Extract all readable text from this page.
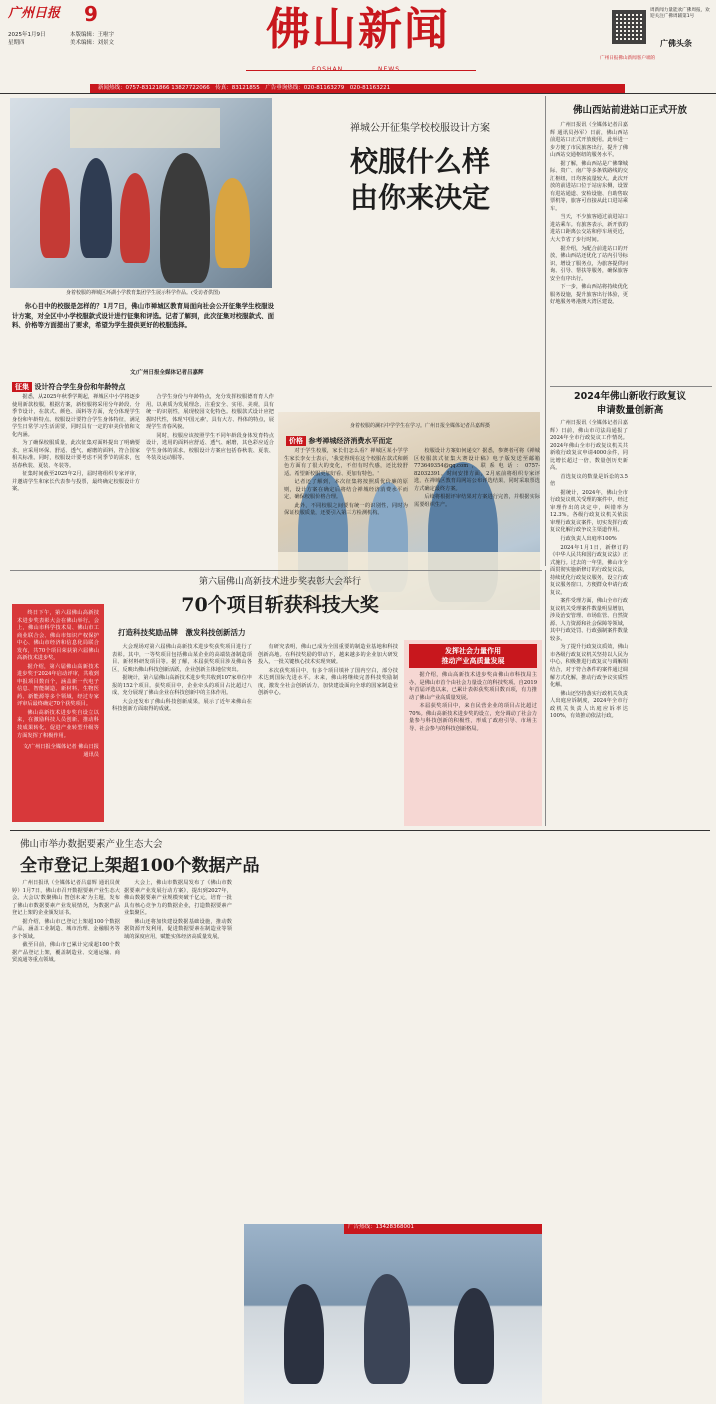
广州日报 9
2025年1月9日
星期四
本版编辑：王啦宇
美术编辑：刘景文	佛山新闻
FOSHAN	NEWS
周新闻力量能欢广佛周报，欢迎关注广佛周辅第1号
广佛头条
广州日报佛山新闻客户端的
新闻热线：0757-83121866 13827722066　传真：83121855　广告垂询热线：020-81163279　020-81163221
身着校服的禅城区环湖小学教育集团学生展示科学作品。(受访者供图)
禅城公开征集学校校服设计方案
校服什么样
由你来决定
你心目中的校服是怎样的？1月7日，佛山市禅城区教育局面向社会公开征集学生校服设计方案，对全区中小学校服款式设计进行征集和评选。记者了解到，此次征集对校服款式、面料、价格等方面提出了要求，希望为学生提供更好的校服选择。
文/广州日报全媒体记者吕嘉辉
征集 设计符合学生身份和年龄特点

据悉，从2025年秋季学期起，禅城区中小学将逐步使用新款校服，根据方案，新校服将采用分年龄段、分季节设计，在款式、颜色、面料等方面，充分体现学生身份和年龄特点。校服设计要符合学生身体特征，满足学生日常学习生活需要，同时具有一定的审美价值和文化内涵。

为了确保校服质量，此次征集对面料提出了明确要求。应采用环保、舒适、透气、耐磨的面料，符合国家相关标准。同时，校服设计要考虑不同季节的需求，包括春秋装、夏装、冬装等。

征集时间截至2025年2月，届时将组织专家评审，并邀请学生和家长代表参与投票，最终确定校服设计方案。

合学生身份与年龄特点，充分发挥校服德育育人作用。以素质为发展理念，注重安全、实用、美观，具有统一的识别性，展现校园文化特色。校服款式设计应把握时代性，体现'中国元素'，具有大方、得体的特点，展现学生青春风貌。

同时，校服应该按照学生不同年龄段身体发育特点设计，选用的面料应舒适、透气、耐磨，其色彩应适合学生身体的需求。校服设计方案应包括春秋装、夏装、冬装及运动服等。

身着校服的澜石中学学生在学习。广州日报全媒体记者吕嘉辉摄
价格 参考禅城经济消费水平而定

对于学生校服，家长们怎么看？禅城区某小学学生家长李女士表示，'我觉得现在这个校服在款式和颜色方面有了很大的变化，不但有时代感，还比较舒适。希望新校服更加好看、更加有特色。'

记者还了解到，本次征集将按照质优价廉的原则，设计方案在确定后将结合禅城经济消费水平而定，确保校服价格合理。

此外，不同校服之间要有统一的识别性，同时为保证校服质量，还要引入第三方检测机构。

校服设计方案如何递交？据悉，参赛者可将《禅城区校服款式征集大赛设计稿》电子版发送至邮箱773649354@qq.com，联系电话：0757-82032391。时间安排方面，2月底前将组织专家评选，在禅城区教育局网站公布评选结果，同时采取票选方式确定最终方案。

后续将根据评审结果对方案进行完善，并根据实际需要组织生产。

佛山西站前进站口正式开放

广州日报讯（全媒体记者吕嘉辉 通讯员孙军）日前，佛山西站前进站口正式开放使用。此举进一步方便了市民旅客出行，提升了佛山西站交通枢纽的服务水平。

据了解，佛山西站是广佛肇城际、贵广、南广等多条铁路线的交汇枢纽，日均客流量较大。此次开放的前进站口位于站房东侧，设置有进站通道、安检设施、自助售取票机等，旅客可直接从此口进站乘车。

当天，不少旅客通过前进站口进站乘车。有旅客表示，新开放的进站口距离公交站和停车场更近，大大节省了步行时间。

据介绍，为配合前进站口的开放，佛山西站还优化了站内引导标识，增设了服务点，为旅客提供问询、引导、帮扶等服务，确保旅客安全有序出行。

下一步，佛山西站将持续优化服务设施，提升旅客出行体验，更好地服务粤港澳大湾区建设。

2024年佛山新收行政复议
申请数量创新高

广州日报讯（全媒体记者吕嘉辉）日前，佛山市司法局通报了2024年全市行政复议工作情况。2024年佛山全市行政复议机关共新收行政复议申请4000余件，同比增长超过一倍，数量创历史新高。

首选复议的数量是诉讼的3.5倍

据统计，2024年，佛山全市行政复议机关受理的案件中，经过审理作出的决定中，纠错率为12.3%。各级行政复议机关依法审理行政复议案件，切实发挥行政复议化解行政争议主渠道作用。

行政负责人出庭率100%

2024年1月1日，新修订的《中华人民共和国行政复议法》正式施行。过去的一年里，佛山市全面贯彻实施新修订的行政复议法，持续优化行政复议服务，设立行政复议服务窗口，方便群众申请行政复议。

案件受理方面，佛山全市行政复议机关受理案件数量明显增加，涉及治安管理、市场监管、自然资源、人力资源和社会保障等领域，其中行政处罚、行政强制案件数量较多。

为了提升行政复议质效，佛山市各级行政复议机关坚持以人民为中心，积极推进行政复议与调解相结合，对于符合条件的案件通过调解方式化解，推动行政争议实质性化解。

佛山还坚持落实行政机关负责人出庭应诉制度，2024年全市行政机关负责人出庭应诉率达100%，有效推动依法行政。

第六届佛山高新技术进步奖表彰大会举行
70个项目斩获科技大奖

终日下午，第六届佛山高新技术进步奖表彰大会在佛山举行。会上，佛山市科学技术局、佛山市工商业联合会、佛山市知识产权保护中心、佛山市经济和信息化局联合发布，共70个项目荣获第六届佛山高新技术进步奖。

据介绍，第六届佛山高新技术进步奖于2024年启动评审，共收到申报项目数百个，涵盖新一代电子信息、智能制造、新材料、生物医药、新能源等多个领域，经过专家评审后最终确定70个获奖项目。

佛山高新技术进步奖自设立以来，在激励科技人员创新、推动科技成果转化、促进产业转型升级等方面发挥了积极作用。

文/广州日报全媒体记者 佛山日报 通讯员

打造科技奖励品牌　激发科技创新活力

大会现场对第六届佛山高新技术进步奖获奖项目进行了表彰。其中，一等奖项目包括佛山某企业的高端装备制造项目、新材料研发项目等。据了解，本届获奖项目涉及佛山各区，反映出佛山科技创新活跃，企业创新主体地位突出。

据统计，第六届佛山高新技术进步奖共收到107家单位申报的152个项目。获奖项目中，企业牵头的项目占比超过八成，充分展现了佛山企业在科技创新中的主体作用。

大会还发布了佛山科技创新成果，展示了近年来佛山在科技创新方面取得的成就。

有研究表明，佛山已成为全国重要的制造业基地和科技创新高地。在科技奖励的带动下，越来越多的企业加大研发投入，一批关键核心技术实现突破。

本次获奖项目中，有多个项目填补了国内空白，部分技术达到国际先进水平。未来，佛山将继续完善科技奖励制度，激发全社会创新活力，加快建设面向全球的国家制造业创新中心。

发挥社会力量作用
推动产业高质量发展

据介绍，佛山高新技术进步奖由佛山市科技局主办，是佛山市首个由社会力量设立的科技奖项。自2019年首届评选以来，已累计表彰获奖项目数百项，有力推动了佛山产业高质量发展。

本届获奖项目中，来自民营企业的项目占比超过70%。佛山高新技术进步奖的设立，充分调动了社会力量参与科技创新的积极性，形成了政府引导、市场主导、社会参与的科技创新格局。

佛山市举办数据要素产业生态大会
全市登记上架超100个数据产品

广州日报讯（全媒体记者吕嘉辉 通讯员黄婷）1月7日，佛山市召开数据要素产业生态大会。大会以'数聚佛山 智创未来'为主题，发布了佛山市数据要素产业发展情况，为数据产品登记上架的企业颁发证书。

据介绍，佛山市已登记上架超100个数据产品，涵盖工业制造、城市治理、金融服务等多个领域。

截至目前，佛山市已累计完成超100个数据产品登记上架，覆盖制造业、交通运输、商贸流通等重点领域。

大会上，佛山市数据局发布了《佛山市数据要素产业发展行动方案》，提出到2027年，佛山数据要素产业规模突破千亿元，培育一批具有核心竞争力的数据企业，打造数据要素产业集聚区。

佛山还将加快建设数据基础设施，推动数据资源开发利用，促进数据要素在制造业等领域的深度应用，赋能实体经济高质量发展。

广告热线：13428368001
